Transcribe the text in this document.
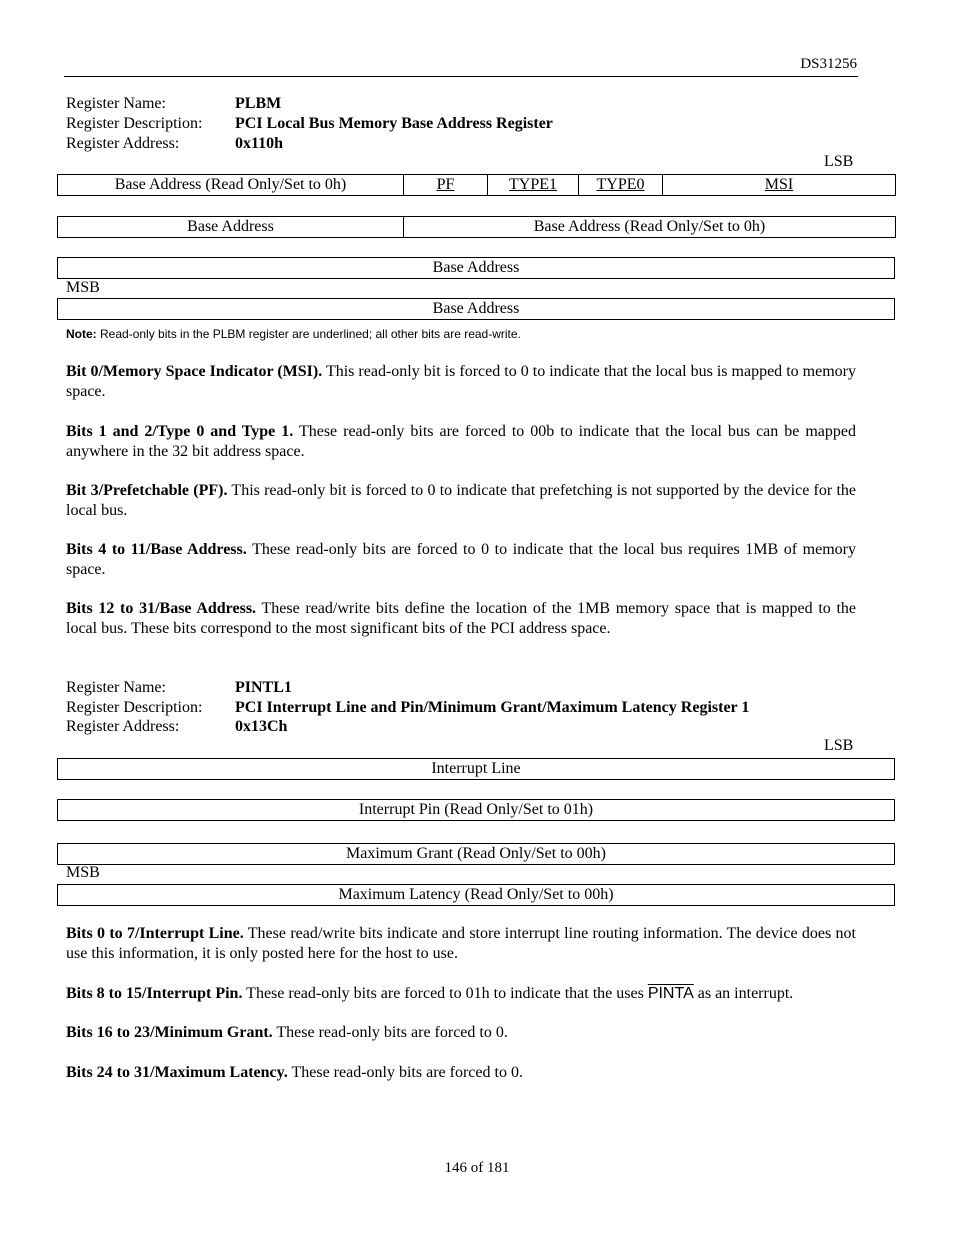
DS31256
Register Name:	PLBM
Register Description: PCI Local Bus Memory Base Address Register
Register Address:	0x110h
LSB
Base Address (Read Only/Set to 0h)	PF	TYPE1	TYPE0	MSI
Base Address	Base Address (Read Only/Set to 0h)
Base Address
MSB
Base Address
Note: Read-only bits in the PLBM register are underlined; all other bits are read-write.
Bit 0/Memory Space Indicator (MSI). This read-only bit is forced to 0 to indicate that the local bus is mapped to memory space.
Bits 1 and 2/Type 0 and Type 1. These read-only bits are forced to 00b to indicate that the local bus can be mapped anywhere in the 32 bit address space.
Bit 3/Prefetchable (PF). This read-only bit is forced to 0 to indicate that prefetching is not supported by the device for the local bus.
Bits 4 to 11/Base Address. These read-only bits are forced to 0 to indicate that the local bus requires 1MB of memory space.
Bits 12 to 31/Base Address. These read/write bits define the location of the 1MB memory space that is mapped to the local bus. These bits correspond to the most significant bits of the PCI address space.
Register Name:	PINTL1
Register Description: PCI Interrupt Line and Pin/Minimum Grant/Maximum Latency Register 1
Register Address:	0x13Ch
LSB
Interrupt Line
Interrupt Pin (Read Only/Set to 01h)
Maximum Grant (Read Only/Set to 00h)
MSB
Maximum Latency (Read Only/Set to 00h)
Bits 0 to 7/Interrupt Line. These read/write bits indicate and store interrupt line routing information. The device does not use this information, it is only posted here for the host to use.
Bits 8 to 15/Interrupt Pin. These read-only bits are forced to 01h to indicate that the uses PINTA as an interrupt.
Bits 16 to 23/Minimum Grant. These read-only bits are forced to 0.
Bits 24 to 31/Maximum Latency. These read-only bits are forced to 0.
146 of 181
